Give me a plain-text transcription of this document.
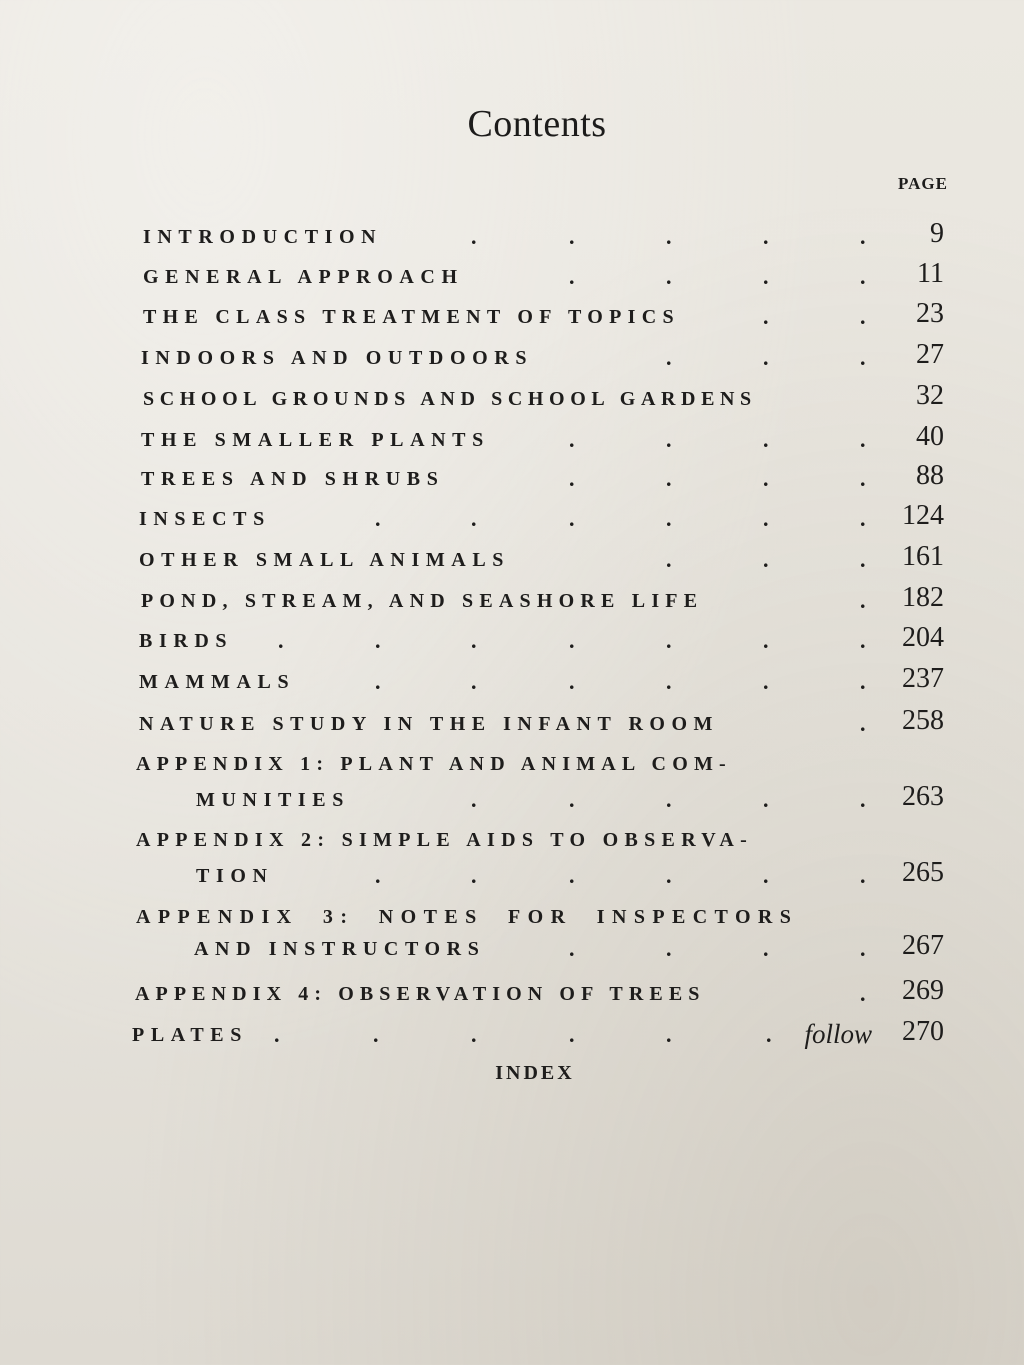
Contents
PAGE
INTRODUCTION	.	.	.	.	. 9
GENERAL APPROACH	.	.	.	. 11
THE CLASS TREATMENT OF TOPICS	.	. 23
INDOORS AND OUTDOORS	.	.	. 27
SCHOOL GROUNDS AND SCHOOL GARDENS	32
THE SMALLER PLANTS	.	.	.	. 40
TREES AND SHRUBS	.	.	.	. 88
INSECTS	.	.	.	.	.	. 124
OTHER SMALL ANIMALS	.	.	. 161
POND, STREAM, AND SEASHORE LIFE	. 182
BIRDS .	.	.	.	.	.	. 204
MAMMALS	.	.	.	.	.	. 237
NATURE STUDY IN THE INFANT ROOM	. 258
APPENDIX 1: PLANT AND ANIMAL COM-
MUNITIES	.	.	.	.	. 263
APPENDIX 2: SIMPLE AIDS TO OBSERVA-
TION	.	.	.	.	.	. 265
APPENDIX 3: NOTES FOR INSPECTORS
AND INSTRUCTORS	.	.	.	. 267
APPENDIX 4: OBSERVATION OF TREES	. 269
PLATES .	.	.	.	.	. follow 270
INDEX
